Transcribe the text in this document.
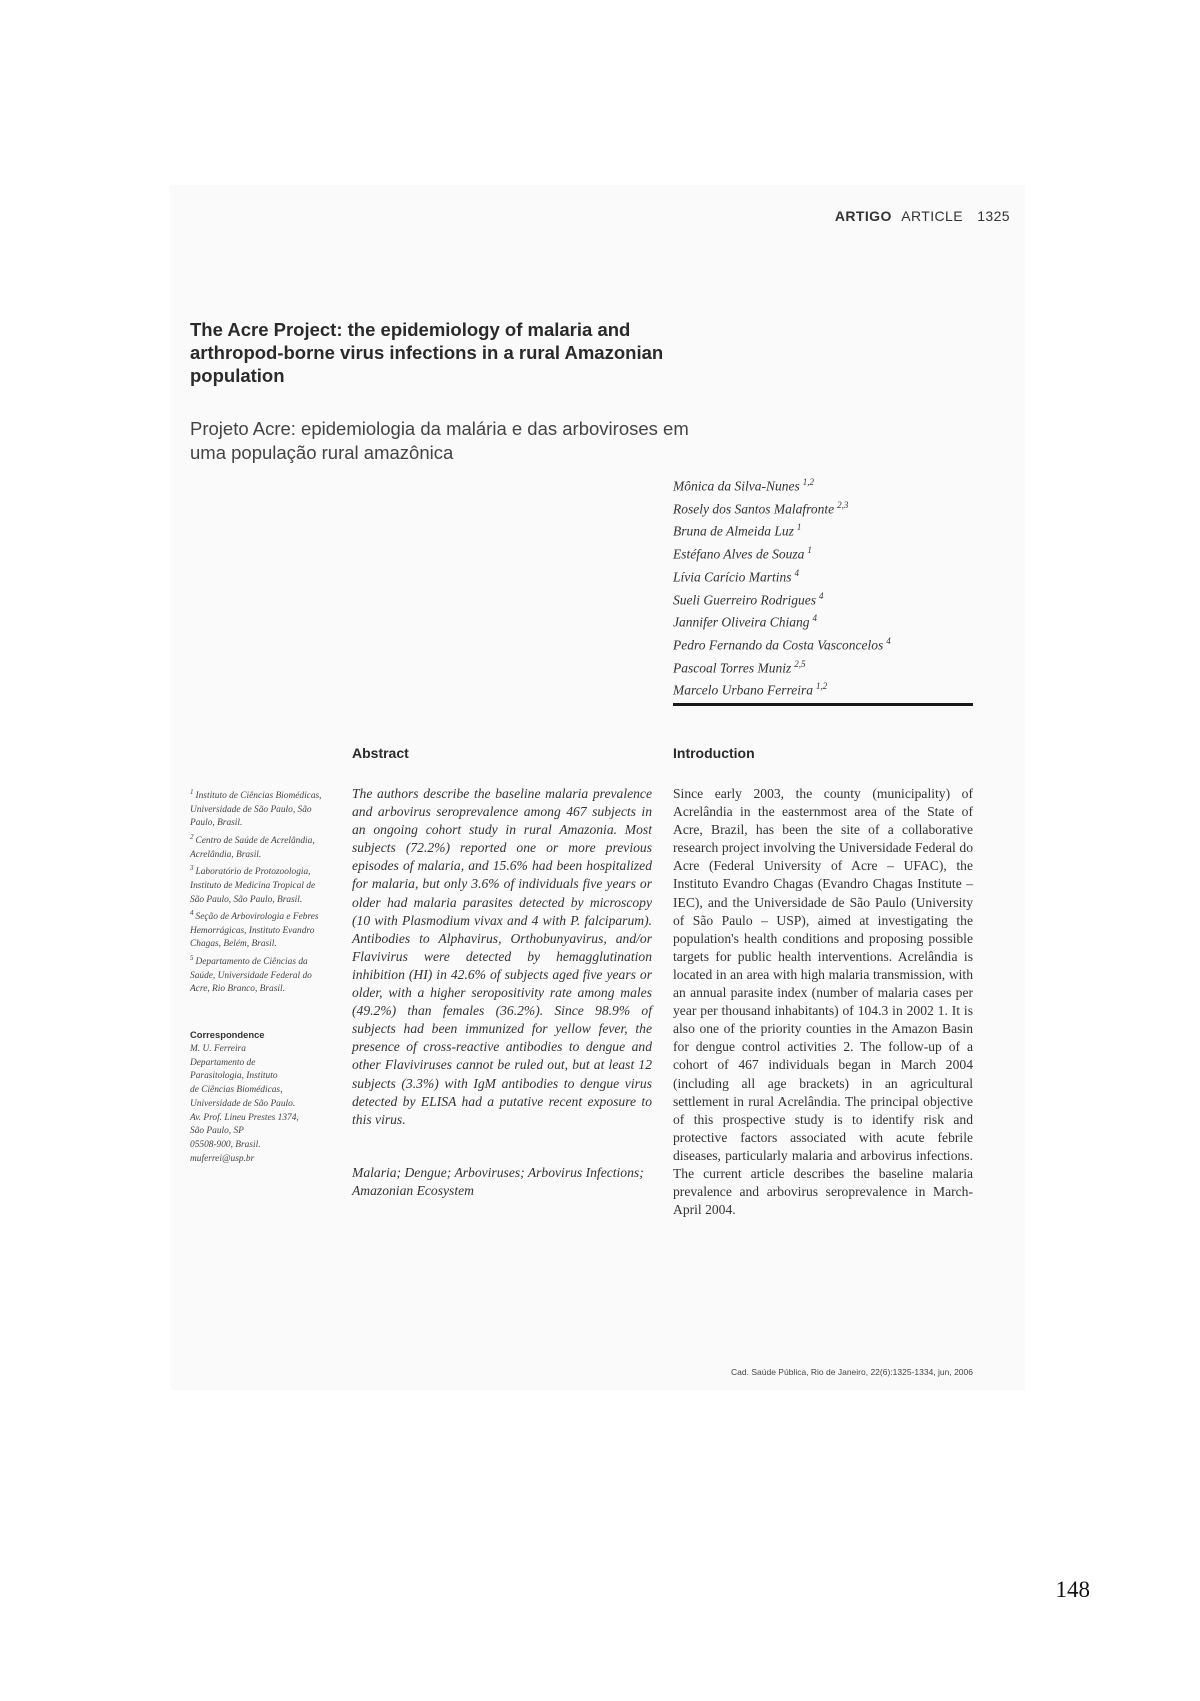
ARTIGO ARTICLE 1325
The Acre Project: the epidemiology of malaria and arthropod-borne virus infections in a rural Amazonian population
Projeto Acre: epidemiologia da malária e das arboviroses em uma população rural amazônica
Mônica da Silva-Nunes $^{1,2}$
Rosely dos Santos Malafronte $^{2,3}$
Bruna de Almeida Luz $^1$
Estéfano Alves de Souza $^1$
Lívia Carício Martins $^4$
Sueli Guerreiro Rodrigues $^4$
Jannifer Oliveira Chiang $^4$
Pedro Fernando da Costa Vasconcelos $^4$
Pascoal Torres Muniz $^{2,5}$
Marcelo Urbano Ferreira $^{1,2}$
Abstract	Introduction
$^1$ Instituto de Ciências Biomédicas, Universidade de São Paulo, São Paulo, Brasil.
$^2$ Centro de Saúde de Acrelândia, Acrelândia, Brasil.
$^3$ Laboratório de Protozoologia, Instituto de Medicina Tropical de São Paulo, São Paulo, Brasil.
$^4$ Seção de Arbovirologia e Febres Hemorrágicas, Instituto Evandro Chagas, Belém, Brasil.
$^5$ Departamento de Ciências da Saúde, Universidade Federal do Acre, Rio Branco, Brasil.
Correspondence
M. U. Ferreira
Departamento de
Parasitologia, Instituto
de Ciências Biomédicas,
Universidade de São Paulo.
Av. Prof. Lineu Prestes 1374,
São Paulo, SP
05508-900, Brasil.
muferrei@usp.br
The authors describe the baseline malaria prevalence and arbovirus seroprevalence among 467 subjects in an ongoing cohort study in rural Amazonia. Most subjects (72.2%) reported one or more previous episodes of malaria, and 15.6% had been hospitalized for malaria, but only 3.6% of individuals five years or older had malaria parasites detected by microscopy (10 with Plasmodium vivax and 4 with P. falciparum). Antibodies to Alphavirus, Orthobunyavirus, and/or Flavivirus were detected by hemagglutination inhibition (HI) in 42.6% of subjects aged five years or older, with a higher seropositivity rate among males (49.2%) than females (36.2%). Since 98.9% of subjects had been immunized for yellow fever, the presence of cross-reactive antibodies to dengue and other Flaviviruses cannot be ruled out, but at least 12 subjects (3.3%) with IgM antibodies to dengue virus detected by ELISA had a putative recent exposure to this virus.
Malaria; Dengue; Arboviruses; Arbovirus Infections; Amazonian Ecosystem
Since early 2003, the county (municipality) of Acrelândia in the easternmost area of the State of Acre, Brazil, has been the site of a collaborative research project involving the Universidade Federal do Acre (Federal University of Acre – UFAC), the Instituto Evandro Chagas (Evandro Chagas Institute – IEC), and the Universidade de São Paulo (University of São Paulo – USP), aimed at investigating the population's health conditions and proposing possible targets for public health interventions. Acrelândia is located in an area with high malaria transmission, with an annual parasite index (number of malaria cases per year per thousand inhabitants) of 104.3 in 2002 1. It is also one of the priority counties in the Amazon Basin for dengue control activities 2. The follow-up of a cohort of 467 individuals began in March 2004 (including all age brackets) in an agricultural settlement in rural Acrelândia. The principal objective of this prospective study is to identify risk and protective factors associated with acute febrile diseases, particularly malaria and arbovirus infections. The current article describes the baseline malaria prevalence and arbovirus seroprevalence in March-April 2004.
Cad. Saúde Pública, Rio de Janeiro, 22(6):1325-1334, jun, 2006
148
